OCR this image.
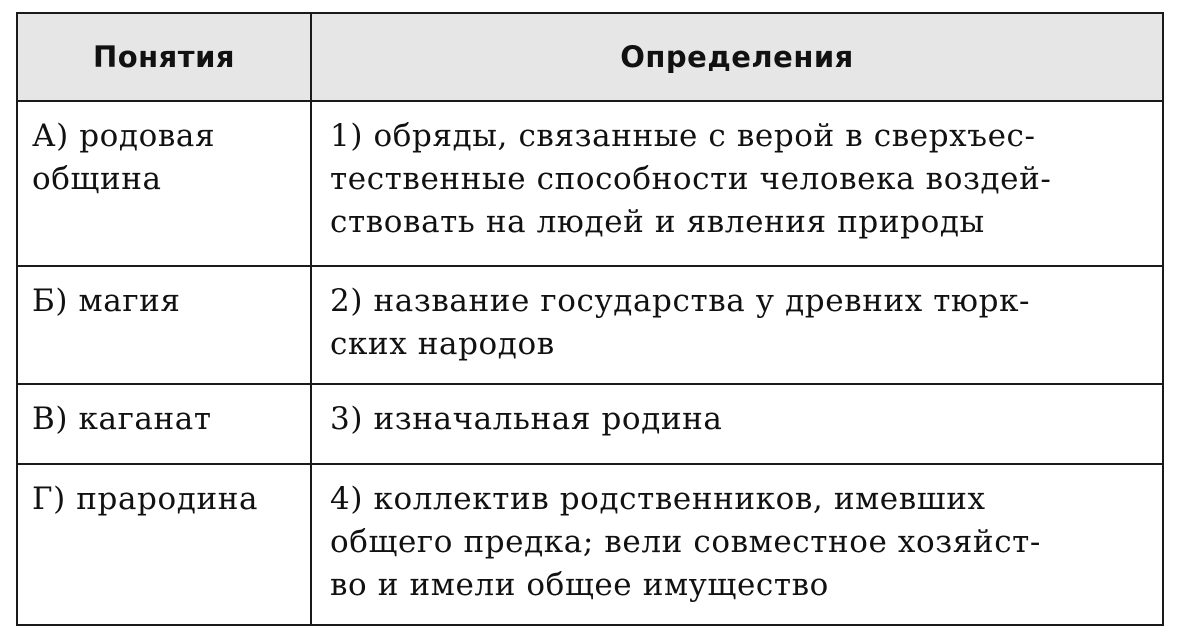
Понятия	Определения

А) родовая
община	1) обряды, связанные с верой в сверхъес-
тественные способности человека воздей-
ствовать на людей и явления природы

Б) магия	2) название государства у древних тюрк-
ских народов

В) каганат	3) изначальная родина

Г) прародина	4) коллектив родственников, имевших
общего предка; вели совместное хозяйст-
во и имели общее имущество
